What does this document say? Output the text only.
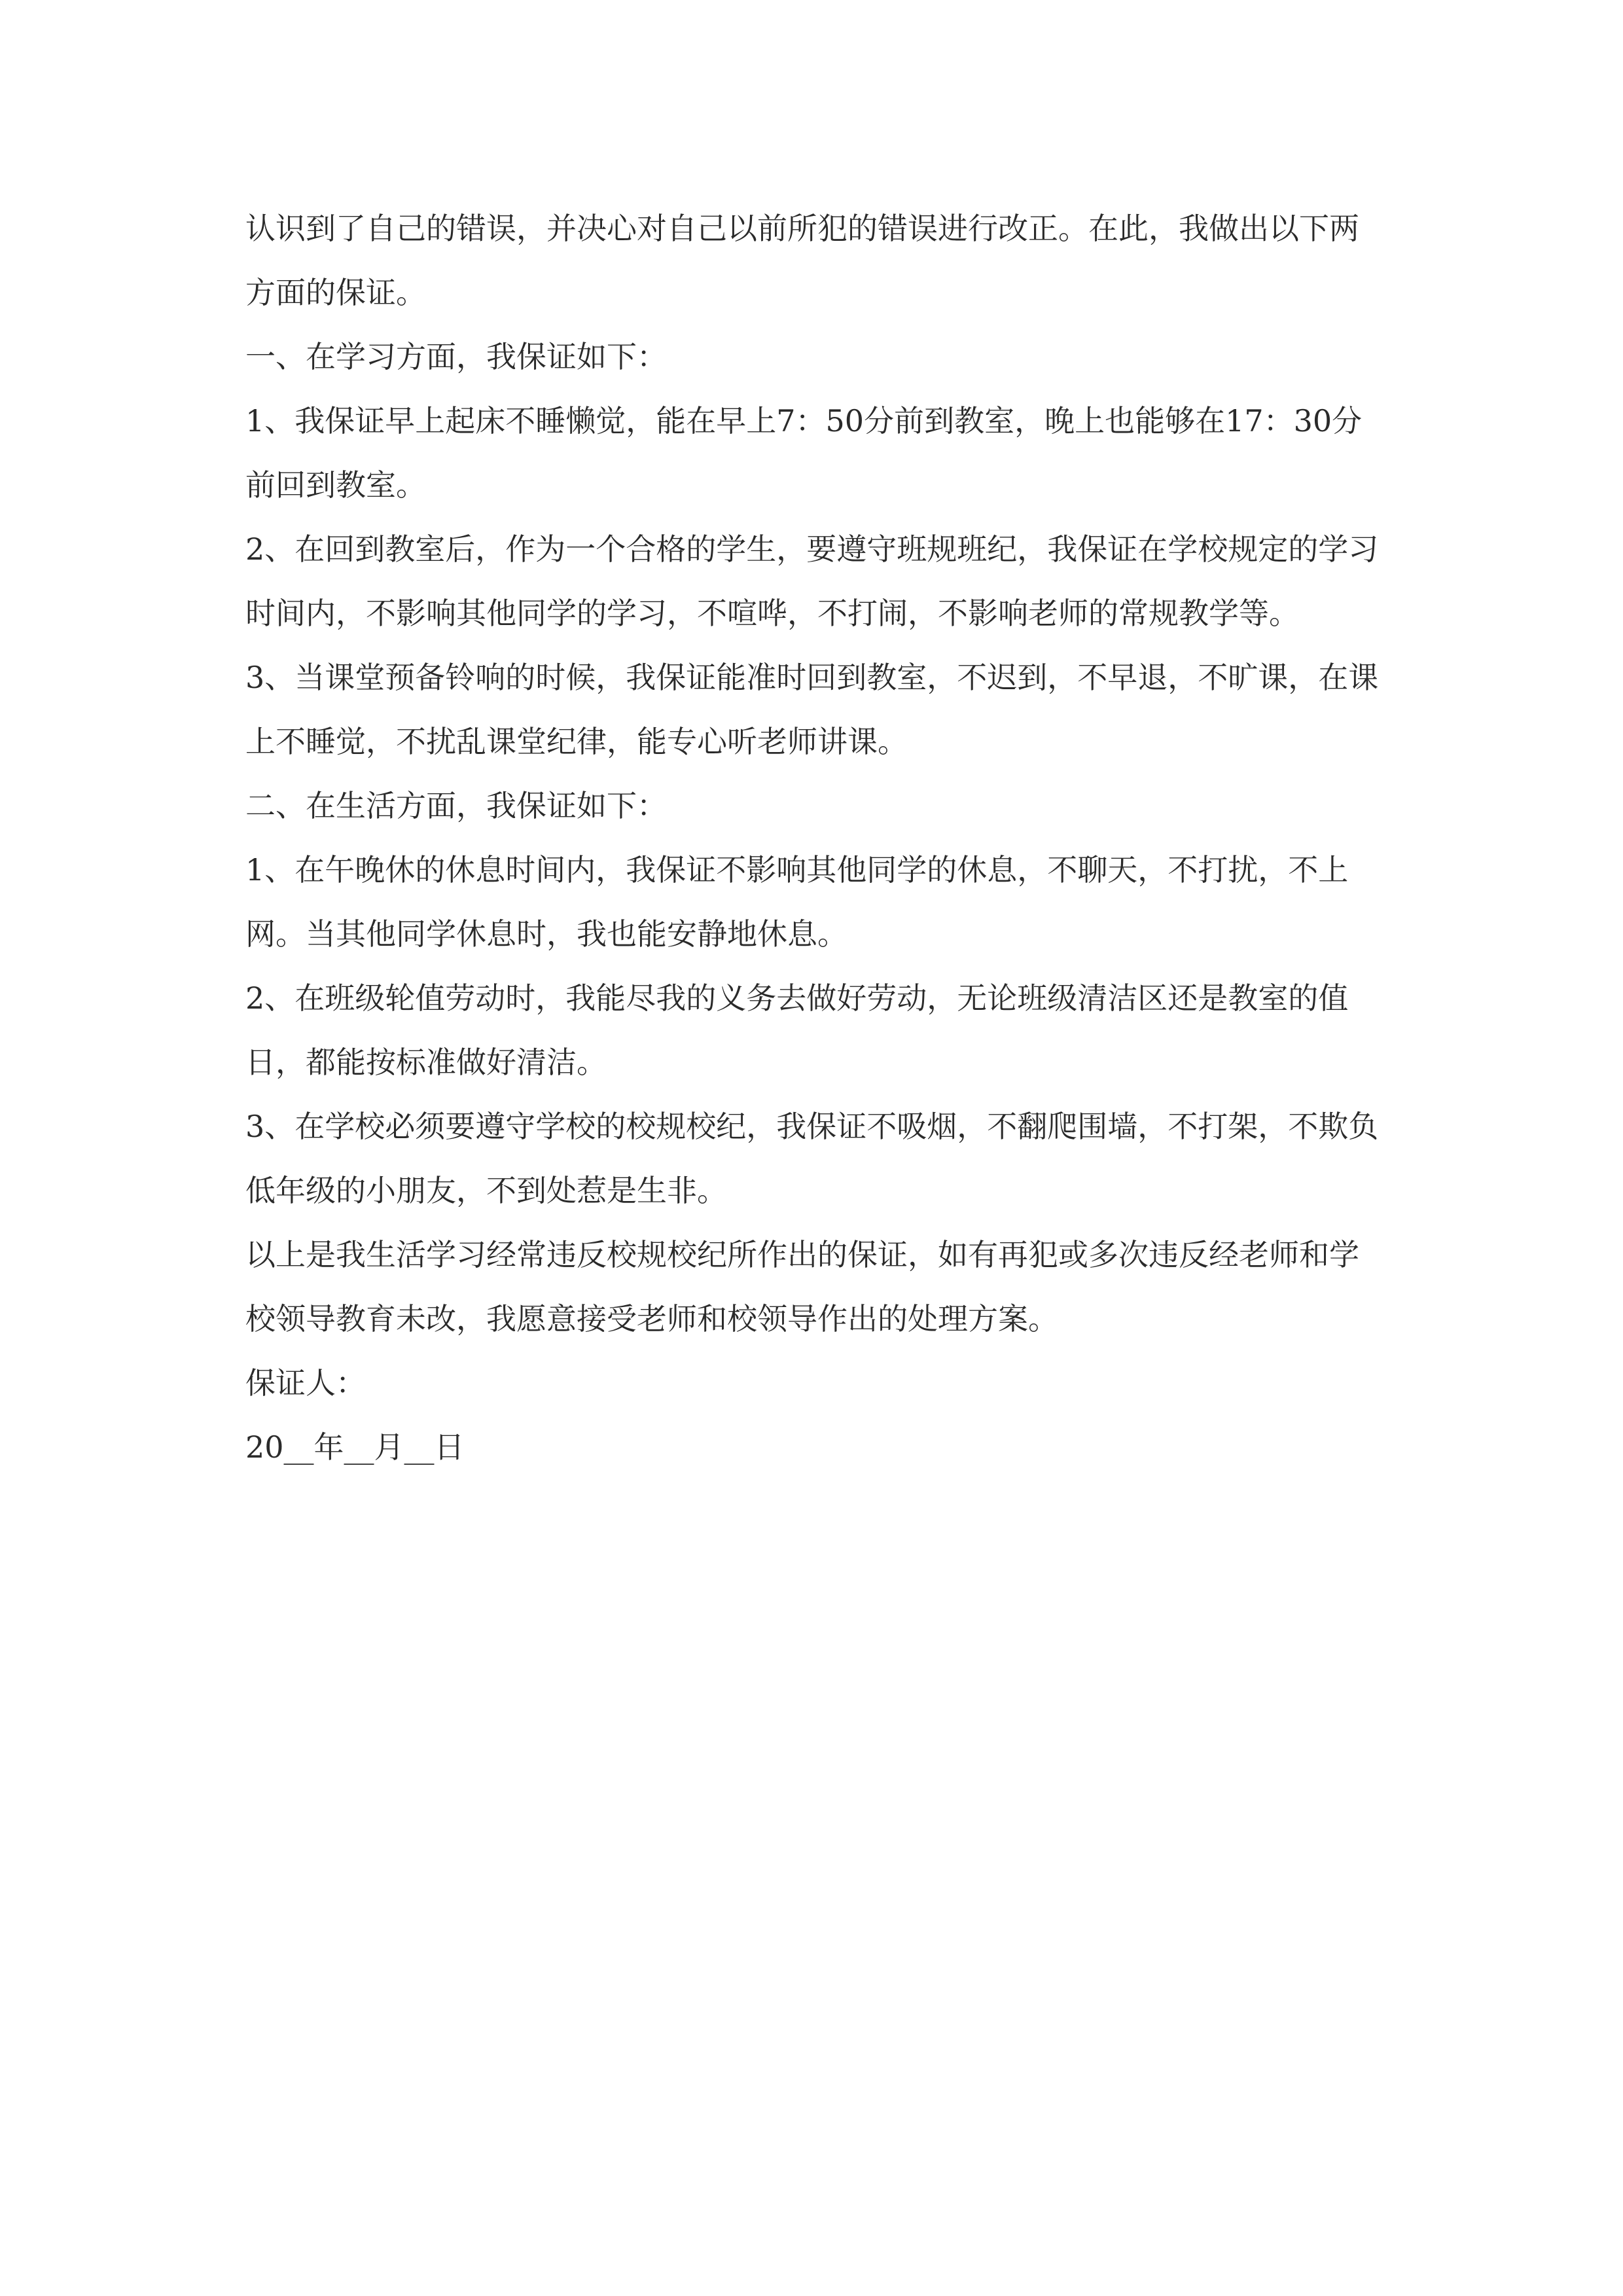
认识到了自己的错误，并决心对自己以前所犯的错误进行改正。在此，我做出以下两方面的保证。

一、在学习方面，我保证如下：

1、我保证早上起床不睡懒觉，能在早上7：50分前到教室，晚上也能够在17：30分前回到教室。

2、在回到教室后，作为一个合格的学生，要遵守班规班纪，我保证在学校规定的学习时间内，不影响其他同学的学习，不喧哗，不打闹，不影响老师的常规教学等。

3、当课堂预备铃响的时候，我保证能准时回到教室，不迟到，不早退，不旷课，在课上不睡觉，不扰乱课堂纪律，能专心听老师讲课。

二、在生活方面，我保证如下：

1、在午晚休的休息时间内，我保证不影响其他同学的休息，不聊天，不打扰，不上网。当其他同学休息时，我也能安静地休息。

2、在班级轮值劳动时，我能尽我的义务去做好劳动，无论班级清洁区还是教室的值日，都能按标准做好清洁。

3、在学校必须要遵守学校的校规校纪，我保证不吸烟，不翻爬围墙，不打架，不欺负低年级的小朋友，不到处惹是生非。

以上是我生活学习经常违反校规校纪所作出的保证，如有再犯或多次违反经老师和学校领导教育未改，我愿意接受老师和校领导作出的处理方案。

保证人：

20__年__月__日
